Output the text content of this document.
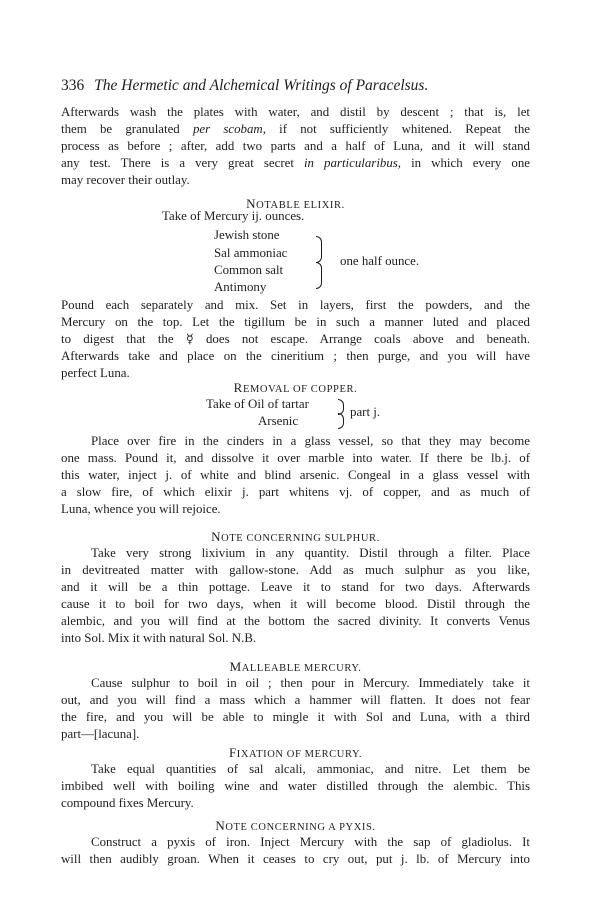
336 The Hermetic and Alchemical Writings of Paracelsus.
Afterwards wash the plates with water, and distil by descent ; that is, let
them be granulated per scobam, if not sufficiently whitened. Repeat the
process as before ; after, add two parts and a half of Luna, and it will stand
any test. There is a very great secret in particularibus, in which every one
may recover their outlay.
NOTABLE ELIXIR.
Take of Mercury ij. ounces.
Jewish stone
Sal ammoniac
Common salt
Antimony
one half ounce.
Pound each separately and mix. Set in layers, first the powders, and the
Mercury on the top. Let the tigillum be in such a manner luted and placed
to digest that the ☿ does not escape. Arrange coals above and beneath.
Afterwards take and place on the cineritium ; then purge, and you will have
perfect Luna.
REMOVAL OF COPPER.
Take of Oil of tartar
Arsenic
part j.
Place over fire in the cinders in a glass vessel, so that they may become
one mass. Pound it, and dissolve it over marble into water. If there be lb.j. of
this water, inject j. of white and blind arsenic. Congeal in a glass vessel with
a slow fire, of which elixir j. part whitens vj. of copper, and as much of
Luna, whence you will rejoice.
NOTE CONCERNING SULPHUR.
Take very strong lixivium in any quantity. Distil through a filter. Place
in devitreated matter with gallow-stone. Add as much sulphur as you like,
and it will be a thin pottage. Leave it to stand for two days. Afterwards
cause it to boil for two days, when it will become blood. Distil through the
alembic, and you will find at the bottom the sacred divinity. It converts Venus
into Sol. Mix it with natural Sol. N.B.
MALLEABLE MERCURY.
Cause sulphur to boil in oil ; then pour in Mercury. Immediately take it
out, and you will find a mass which a hammer will flatten. It does not fear
the fire, and you will be able to mingle it with Sol and Luna, with a third
part—[lacuna].
FIXATION OF MERCURY.
Take equal quantities of sal alcali, ammoniac, and nitre. Let them be
imbibed well with boiling wine and water distilled through the alembic. This
compound fixes Mercury.
NOTE CONCERNING A PYXIS.
Construct a pyxis of iron. Inject Mercury with the sap of gladiolus. It
will then audibly groan. When it ceases to cry out, put j. lb. of Mercury into
